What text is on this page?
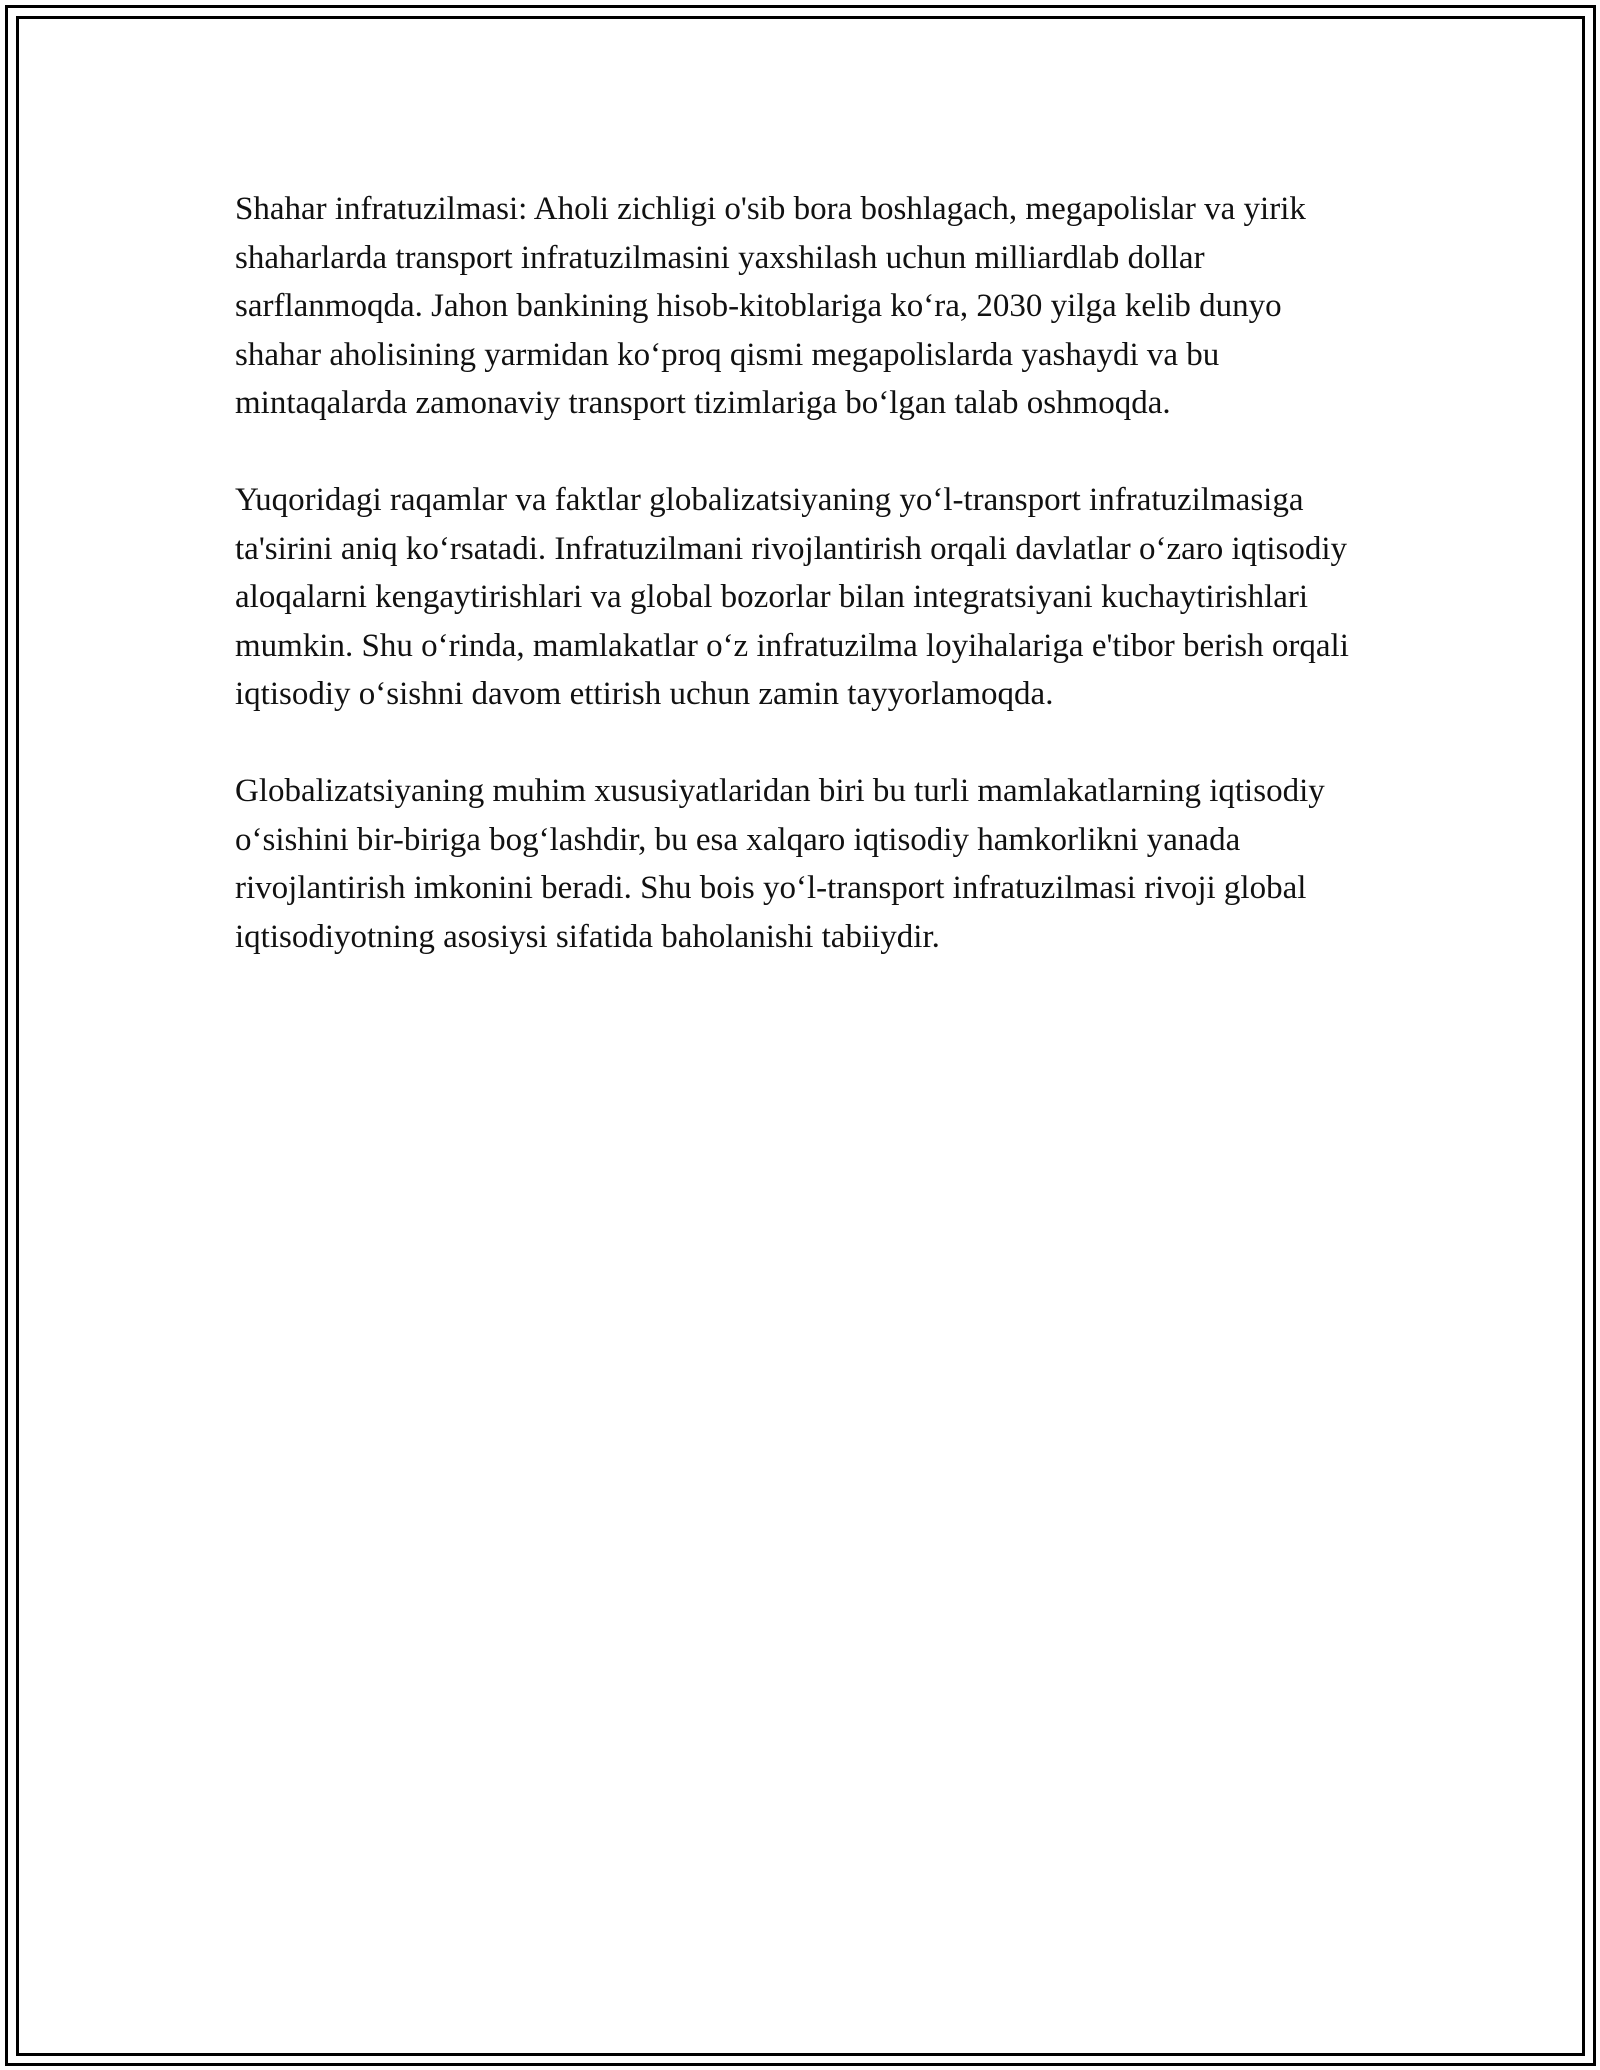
Shahar infratuzilmasi: Aholi zichligi o'sib bora boshlagach, megapolislar va yirik shaharlarda transport infratuzilmasini yaxshilash uchun milliardlab dollar sarflanmoqda. Jahon bankining hisob-kitoblariga koʻra, 2030 yilga kelib dunyo shahar aholisining yarmidan koʻproq qismi megapolislarda yashaydi va bu mintaqalarda zamonaviy transport tizimlariga boʻlgan talab oshmoqda.

Yuqoridagi raqamlar va faktlar globalizatsiyaning yoʻl-transport infratuzilmasiga ta'sirini aniq koʻrsatadi. Infratuzilmani rivojlantirish orqali davlatlar oʻzaro iqtisodiy aloqalarni kengaytirishlari va global bozorlar bilan integratsiyani kuchaytirishlari mumkin. Shu oʻrinda, mamlakatlar oʻz infratuzilma loyihalariga e'tibor berish orqali iqtisodiy oʻsishni davom ettirish uchun zamin tayyorlamoqda.

Globalizatsiyaning muhim xususiyatlaridan biri bu turli mamlakatlarning iqtisodiy oʻsishini bir-biriga bogʻlashdir, bu esa xalqaro iqtisodiy hamkorlikni yanada rivojlantirish imkonini beradi. Shu bois yoʻl-transport infratuzilmasi rivoji global iqtisodiyotning asosiysi sifatida baholanishi tabiiydir.
